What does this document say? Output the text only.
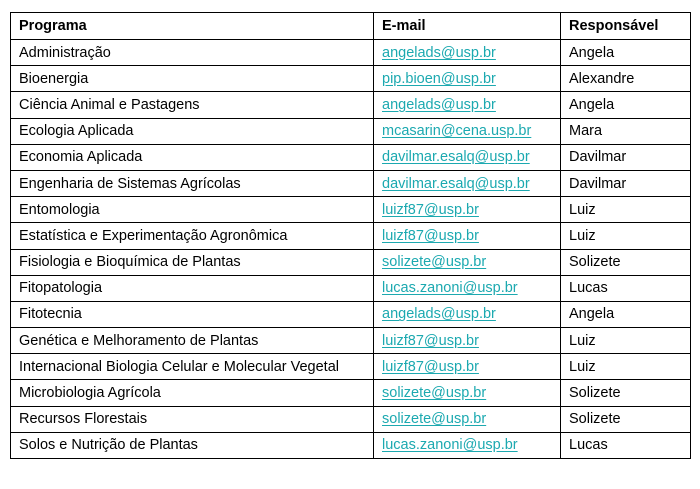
Programa	E-mail	Responsável
Administração	angelads@usp.br	Angela
Bioenergia	pip.bioen@usp.br	Alexandre
Ciência Animal e Pastagens	angelads@usp.br	Angela
Ecologia Aplicada	mcasarin@cena.usp.br	Mara
Economia Aplicada	davilmar.esalq@usp.br	Davilmar
Engenharia de Sistemas Agrícolas	davilmar.esalq@usp.br	Davilmar
Entomologia	luizf87@usp.br	Luiz
Estatística e Experimentação Agronômica	luizf87@usp.br	Luiz
Fisiologia e Bioquímica de Plantas	solizete@usp.br	Solizete
Fitopatologia	lucas.zanoni@usp.br	Lucas
Fitotecnia	angelads@usp.br	Angela
Genética e Melhoramento de Plantas	luizf87@usp.br	Luiz
Internacional Biologia Celular e Molecular Vegetal	luizf87@usp.br	Luiz
Microbiologia Agrícola	solizete@usp.br	Solizete
Recursos Florestais	solizete@usp.br	Solizete
Solos e Nutrição de Plantas	lucas.zanoni@usp.br	Lucas
